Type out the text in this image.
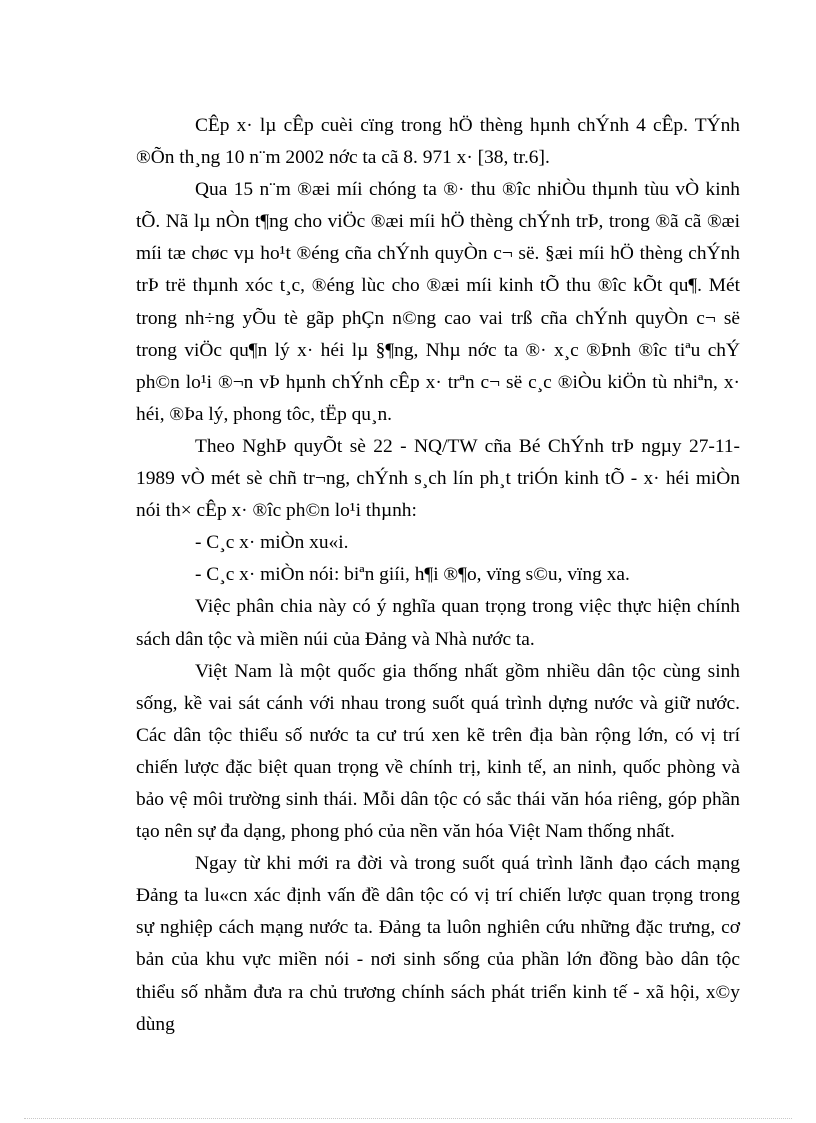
CÊp x· lµ cÊp cuèi cïng trong hÖ thèng hµnh chÝnh 4 cÊp. TÝnh ®Õn th¸ng 10 n¨m 2002 nớc ta cã 8. 971 x· [38, tr.6].

Qua 15 n¨m ®æi míi chóng ta ®· thu ®îc nhiÒu thµnh tùu vÒ kinh tÕ. Nã lµ nÒn t¶ng cho viÖc ®æi míi hÖ thèng chÝnh trÞ, trong ®ã cã ®æi míi tæ chøc vµ ho¹t ®éng cña chÝnh quyÒn c¬ së. §æi míi hÖ thèng chÝnh trÞ trë thµnh xóc t¸c, ®éng lùc cho ®æi míi kinh tÕ thu ®îc kÕt qu¶. Mét trong nh÷ng yÕu tè gãp phÇn n©ng cao vai trß cña chÝnh quyÒn c¬ së trong viÖc qu¶n lý x· héi lµ §¶ng, Nhµ nớc ta ®· x¸c ®Þnh ®îc tiªu chÝ ph©n lo¹i ®¬n vÞ hµnh chÝnh cÊp x· trªn c¬ së c¸c ®iÒu kiÖn tù nhiªn, x· héi, ®Þa lý, phong tôc, tËp qu¸n.

Theo NghÞ quyÕt sè 22 - NQ/TW cña Bé ChÝnh trÞ ngµy 27-11-1989 vÒ mét sè chñ tr¬ng, chÝnh s¸ch lín ph¸t triÓn kinh tÕ - x· héi miÒn nói th× cÊp x· ®îc ph©n lo¹i thµnh:

- C¸c x· miÒn xu«i.

- C¸c x· miÒn nói: biªn giíi, h¶i ®¶o, vïng s©u, vïng xa.

Việc phân chia này có ý nghĩa quan trọng trong việc thực hiện chính sách dân tộc và miền núi của Đảng và Nhà nước ta.

Việt Nam là một quốc gia thống nhất gồm nhiều dân tộc cùng sinh sống, kề vai sát cánh với nhau trong suốt quá trình dựng nước và giữ nước. Các dân tộc thiểu số nước ta cư trú xen kẽ trên địa bàn rộng lớn, có vị trí chiến lược đặc biệt quan trọng về chính trị, kinh tế, an ninh, quốc phòng và bảo vệ môi trường sinh thái. Mỗi dân tộc có sắc thái văn hóa riêng, góp phần tạo nên sự đa dạng, phong phó của nền văn hóa Việt Nam thống nhất.

Ngay từ khi mới ra đời và trong suốt quá trình lãnh đạo cách mạng Đảng ta lu«cn xác định vấn đề dân tộc có vị trí chiến lược quan trọng trong sự nghiệp cách mạng nước ta. Đảng ta luôn nghiên cứu những đặc trưng, cơ bản của khu vực miền nói - nơi sinh sống của phần lớn đồng bào dân tộc thiểu số nhằm đưa ra chủ trương chính sách phát triển kinh tế - xã hội, x©y dùng
